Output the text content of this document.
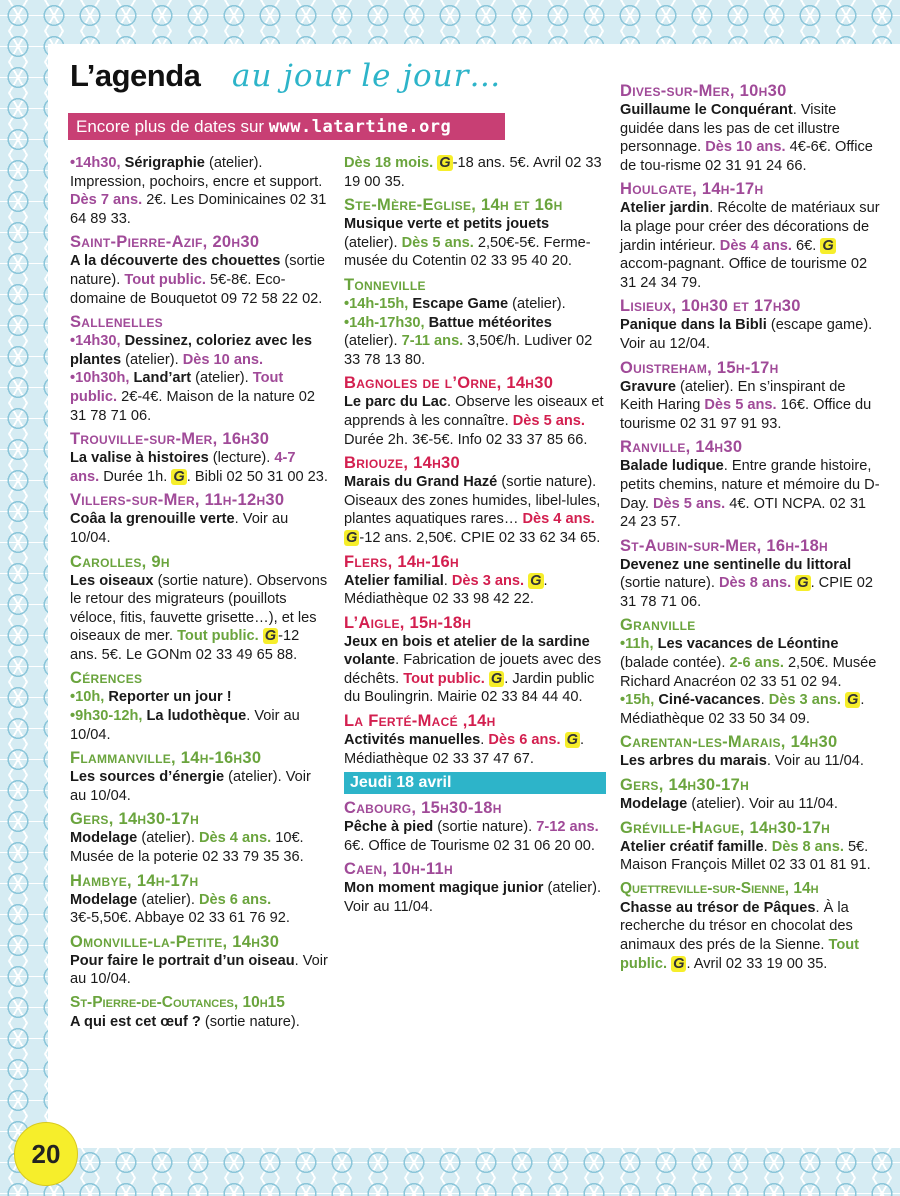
L’agenda au jour le jour…
Encore plus de dates sur www.latartine.org
•14h30, Sérigraphie (atelier). Impression, pochoirs, encre et support. Dès 7 ans. 2€. Les Dominicaines 02 31 64 89 33.
Saint-Pierre-Azif, 20h30
A la découverte des chouettes (sortie nature). Tout public. 5€-8€. Eco-domaine de Bouquetot 09 72 58 22 02.
Sallenelles
•14h30, Dessinez, coloriez avec les plantes (atelier). Dès 10 ans.
•10h30h, Land’art (atelier). Tout public. 2€-4€. Maison de la nature 02 31 78 71 06.
Trouville-sur-Mer, 16h30
La valise à histoires (lecture). 4-7 ans. Durée 1h. G . Bibli 02 50 31 00 23.
Villers-sur-Mer, 11h-12h30
Coâa la grenouille verte. Voir au 10/04.
Carolles, 9h
Les oiseaux (sortie nature). Observons le retour des migrateurs (pouillots véloce, fitis, fauvette grisette…), et les oiseaux de mer. Tout public. G -12 ans. 5€. Le GONm 02 33 49 65 88.
Cérences
•10h, Reporter un jour !
•9h30-12h, La ludothèque. Voir au 10/04.
Flammanville, 14h-16h30
Les sources d’énergie (atelier). Voir au 10/04.
Gers, 14h30-17h
Modelage (atelier). Dès 4 ans. 10€. Musée de la poterie 02 33 79 35 36.
Hambye, 14h-17h
Modelage (atelier). Dès 6 ans. 3€-5,50€. Abbaye 02 33 61 76 92.
Omonville-la-Petite, 14h30
Pour faire le portrait d’un oiseau. Voir au 10/04.
St-Pierre-de-Coutances, 10h15
A qui est cet œuf ? (sortie nature).
Dès 18 mois. G -18 ans. 5€. Avril 02 33 19 00 35.
Ste-Mère-Eglise, 14h et 16h
Musique verte et petits jouets (atelier). Dès 5 ans. 2,50€-5€. Ferme-musée du Cotentin 02 33 95 40 20.
Tonneville
•14h-15h, Escape Game (atelier).
•14h-17h30, Battue météorites (atelier). 7-11 ans. 3,50€/h. Ludiver 02 33 78 13 80.
Bagnoles de l’Orne, 14h30
Le parc du Lac. Observe les oiseaux et apprends à les connaître. Dès 5 ans. Durée 2h. 3€-5€. Info 02 33 37 85 66.
Briouze, 14h30
Marais du Grand Hazé (sortie nature). Oiseaux des zones humides, libel-lules, plantes aquatiques rares… Dès 4 ans. G -12 ans. 2,50€. CPIE 02 33 62 34 65.
Flers, 14h-16h
Atelier familial. Dès 3 ans. G . Médiathèque 02 33 98 42 22.
L’Aigle, 15h-18h
Jeux en bois et atelier de la sardine volante. Fabrication de jouets avec des déchêts. Tout public. G . Jardin public du Boulingrin. Mairie 02 33 84 44 40.
La Ferté-Macé ,14h
Activités manuelles. Dès 6 ans. G . Médiathèque 02 33 37 47 67.
Jeudi 18 avril
Cabourg, 15h30-18h
Pêche à pied (sortie nature). 7-12 ans. 6€. Office de Tourisme 02 31 06 20 00.
Caen, 10h-11h
Mon moment magique junior (atelier). Voir au 11/04.
Dives-sur-Mer, 10h30
Guillaume le Conquérant. Visite guidée dans les pas de cet illustre personnage. Dès 10 ans. 4€-6€. Office de tou-risme 02 31 91 24 66.
Houlgate, 14h-17h
Atelier jardin. Récolte de matériaux sur la plage pour créer des décorations de jardin intérieur. Dès 4 ans. 6€. G accom-pagnant. Office de tourisme 02 31 24 34 79.
Lisieux, 10h30 et 17h30
Panique dans la Bibli (escape game). Voir au 12/04.
Ouistreham, 15h-17h
Gravure (atelier). En s’inspirant de Keith Haring Dès 5 ans. 16€. Office du tourisme 02 31 97 91 93.
Ranville, 14h30
Balade ludique. Entre grande histoire, petits chemins, nature et mémoire du D-Day. Dès 5 ans. 4€. OTI NCPA. 02 31 24 23 57.
St-Aubin-sur-Mer, 16h-18h
Devenez une sentinelle du littoral (sortie nature). Dès 8 ans. G . CPIE 02 31 78 71 06.
Granville
•11h, Les vacances de Léontine (balade contée). 2-6 ans. 2,50€. Musée Richard Anacréon 02 33 51 02 94.
•15h, Ciné-vacances. Dès 3 ans. G . Médiathèque 02 33 50 34 09.
Carentan-les-Marais, 14h30
Les arbres du marais. Voir au 11/04.
Gers, 14h30-17h
Modelage (atelier). Voir au 11/04.
Gréville-Hague, 14h30-17h
Atelier créatif famille. Dès 8 ans. 5€. Maison François Millet 02 33 01 81 91.
Quettreville-sur-Sienne, 14h
Chasse au trésor de Pâques. À la recherche du trésor en chocolat des animaux des prés de la Sienne. Tout public. G . Avril 02 33 19 00 35.
20
